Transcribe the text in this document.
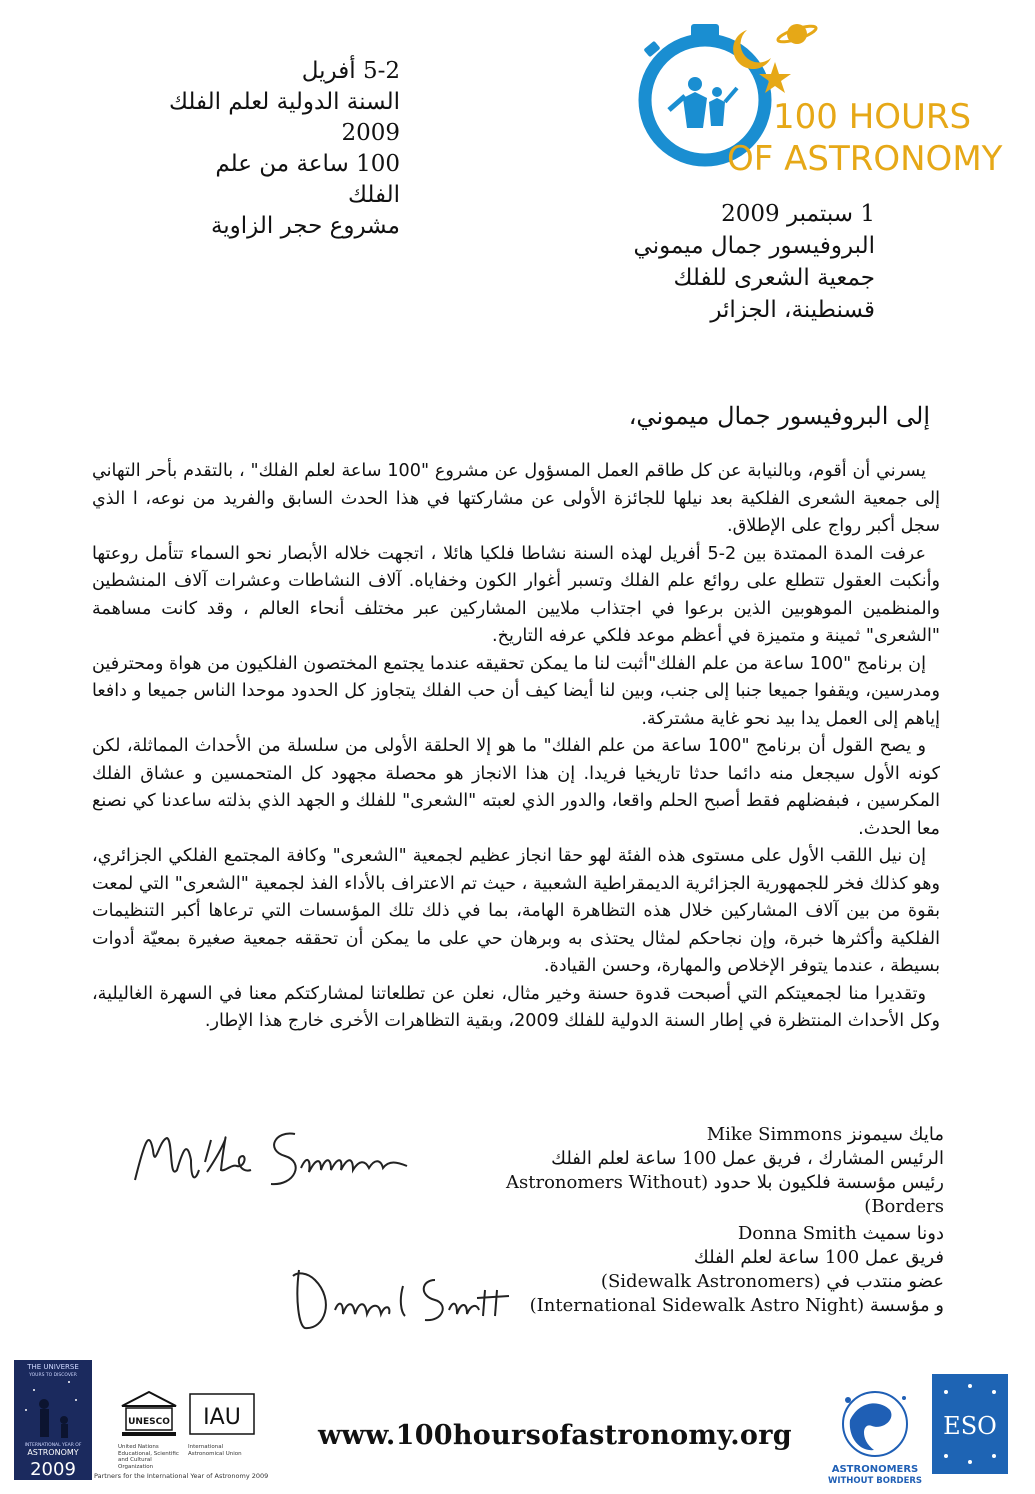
100 HOURS
OF ASTRONOMY
5-2 أفريل
السنة الدولية لعلم الفلك 2009
100 ساعة من علم الفلك
مشروع حجر الزاوية	1 سبتمبر 2009
البروفيسور جمال ميموني
جمعية الشعرى للفلك
قسنطينة، الجزائر
إلى البروفيسور جمال ميموني،

يسرني أن أقوم، وبالنيابة عن كل طاقم العمل المسؤول عن مشروع "100 ساعة لعلم الفلك" ، بالتقدم بأحر التهاني إلى جمعية الشعرى الفلكية بعد نيلها للجائزة الأولى عن مشاركتها في هذا الحدث السابق والفريد من نوعه، ا الذي سجل أكبر رواج على الإطلاق.

عرفت المدة الممتدة بين 2-5 أفريل لهذه السنة نشاطا فلكيا هائلا ، اتجهت خلاله الأبصار نحو السماء تتأمل روعتها وأنكبت العقول تتطلع على روائع علم الفلك وتسبر أغوار الكون وخفاياه. آلاف النشاطات وعشرات آلاف المنشطين والمنظمين الموهوبين الذين برعوا في اجتذاب ملايين المشاركين عبر مختلف أنحاء العالم ، وقد كانت مساهمة "الشعرى" ثمينة و متميزة في أعظم موعد فلكي عرفه التاريخ.

إن برنامج "100 ساعة من علم الفلك"أثبت لنا ما يمكن تحقيقه عندما يجتمع المختصون الفلكيون من هواة ومحترفين ومدرسين، ويقفوا جميعا جنبا إلى جنب، وبين لنا أيضا كيف أن حب الفلك يتجاوز كل الحدود موحدا الناس جميعا و دافعا إياهم إلى العمل يدا بيد نحو غاية مشتركة.

و يصح القول أن برنامج "100 ساعة من علم الفلك" ما هو إلا الحلقة الأولى من سلسلة من الأحداث المماثلة، لكن كونه الأول سيجعل منه دائما حدثا تاريخيا فريدا. إن هذا الانجاز هو محصلة مجهود كل المتحمسين و عشاق الفلك المكرسين ، فبفضلهم فقط أصبح الحلم واقعا، والدور الذي لعبته "الشعرى" للفلك و الجهد الذي بذلته ساعدنا كي نصنع معا الحدث.

إن نيل اللقب الأول على مستوى هذه الفئة لهو حقا انجاز عظيم لجمعية "الشعرى" وكافة المجتمع الفلكي الجزائري، وهو كذلك فخر للجمهورية الجزائرية الديمقراطية الشعبية ، حيث تم الاعتراف بالأداء الفذ لجمعية "الشعرى" التي لمعت بقوة من بين آلاف المشاركين خلال هذه التظاهرة الهامة، بما في ذلك تلك المؤسسات التي ترعاها أكبر التنظيمات الفلكية وأكثرها خبرة، وإن نجاحكم لمثال يحتذى به وبرهان حي على ما يمكن أن تحققه جمعية صغيرة بمعيّة أدوات بسيطة ، عندما يتوفر الإخلاص والمهارة، وحسن القيادة.

وتقديرا منا لجمعيتكم التي أصبحت قدوة حسنة وخير مثال، نعلن عن تطلعاتنا لمشاركتكم معنا في السهرة الغاليلية، وكل الأحداث المنتظرة في إطار السنة الدولية للفلك 2009، وبقية التظاهرات الأخرى خارج هذا الإطار.

مايك سيمونز Mike Simmons
الرئيس المشارك ، فريق عمل 100 ساعة لعلم الفلك
رئيس مؤسسة فلكيون بلا حدود (Astronomers Without Borders)
دونا سميث Donna Smith
فريق عمل 100 ساعة لعلم الفلك
عضو منتدب في (Sidewalk Astronomers)
و مؤسسة (International Sidewalk Astro Night)
THE UNIVERSE
YOURS TO DISCOVER
INTERNATIONAL YEAR OF
ASTRONOMY
2009
UNESCO
United Nations Educational, Scientific and Cultural Organization
IAU
International Astronomical Union
Partners for the International Year of Astronomy 2009
www.100hoursofastronomy.org
ASTRONOMERS
WITHOUT BORDERS
ESO
